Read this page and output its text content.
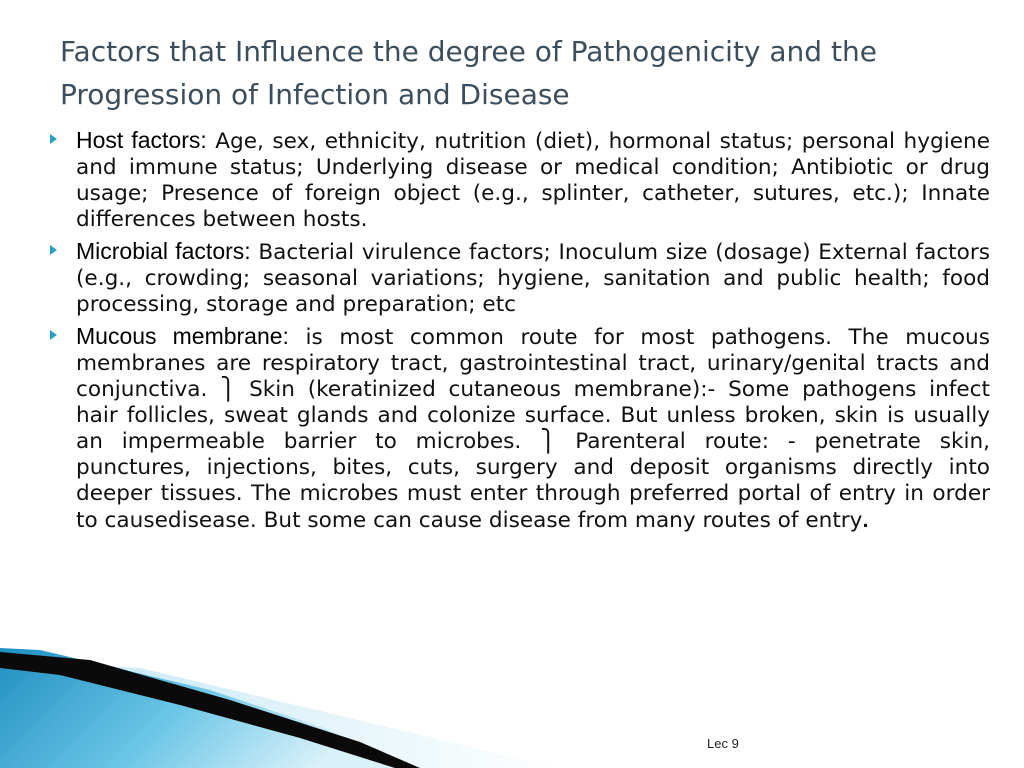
Factors that Influence the degree of Pathogenicity and the Progression of Infection and Disease
Host factors: Age, sex, ethnicity, nutrition (diet), hormonal status; personal hygiene and immune status; Underlying disease or medical condition; Antibiotic or drug usage; Presence of foreign object (e.g., splinter, catheter, sutures, etc.); Innate differences between hosts.
Microbial factors: Bacterial virulence factors; Inoculum size (dosage) External factors (e.g., crowding; seasonal variations; hygiene, sanitation and public health; food processing, storage and preparation; etc
Mucous membrane: is most common route for most pathogens. The mucous membranes are respiratory tract, gastrointestinal tract, urinary/genital tracts and conjunctiva. ⎫ Skin (keratinized cutaneous membrane):- Some pathogens infect hair follicles, sweat glands and colonize surface. But unless broken, skin is usually an impermeable barrier to microbes. ⎫ Parenteral route: - penetrate skin, punctures, injections, bites, cuts, surgery and deposit organisms directly into deeper tissues. The microbes must enter through preferred portal of entry in order to causedisease. But some can cause disease from many routes of entry.
Lec 9
